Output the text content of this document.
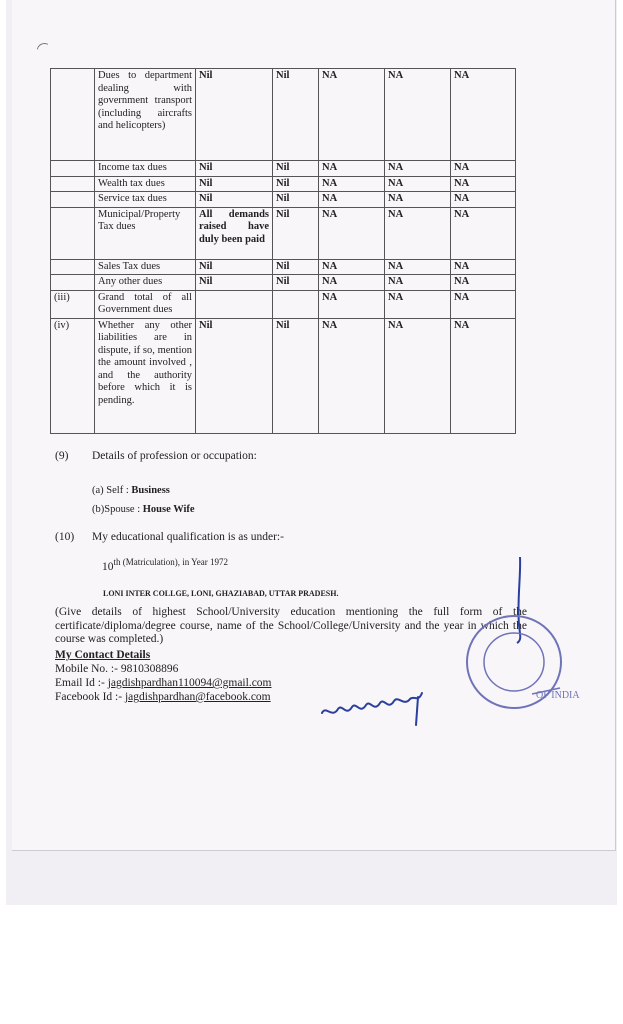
	Dues to department dealing with government transport (including aircrafts and helicopters)	Nil	Nil	NA	NA	NA
	Income tax dues	Nil	Nil	NA	NA	NA
	Wealth tax dues	Nil	Nil	NA	NA	NA
	Service tax dues	Nil	Nil	NA	NA	NA
	Municipal/Property Tax dues	All demands raised have duly been paid	Nil	NA	NA	NA
	Sales Tax dues	Nil	Nil	NA	NA	NA
	Any other dues	Nil	Nil	NA	NA	NA
(iii)	Grand total of all Government dues			NA	NA	NA
(iv)	Whether any other liabilities are in dispute, if so, mention the amount involved , and the authority before which it is pending.	Nil	Nil	NA	NA	NA
(9) Details of profession or occupation:
(a) Self : Business
(b)Spouse : House Wife
(10) My educational qualification is as under:-
$10^{th (Matriculation), in Year 1972}$
LONI INTER COLLGE, LONI, GHAZIABAD, UTTAR PRADESH.
(Give details of highest School/University education mentioning the full form of the certificate/diploma/degree course, name of the School/College/University and the year in which the course was completed.)
My Contact Details
Mobile No. :- 9810308896
Email Id :- jagdishpardhan110094@gmail.com
Facebook Id :- jagdishpardhan@facebook.com	OF INDIA
